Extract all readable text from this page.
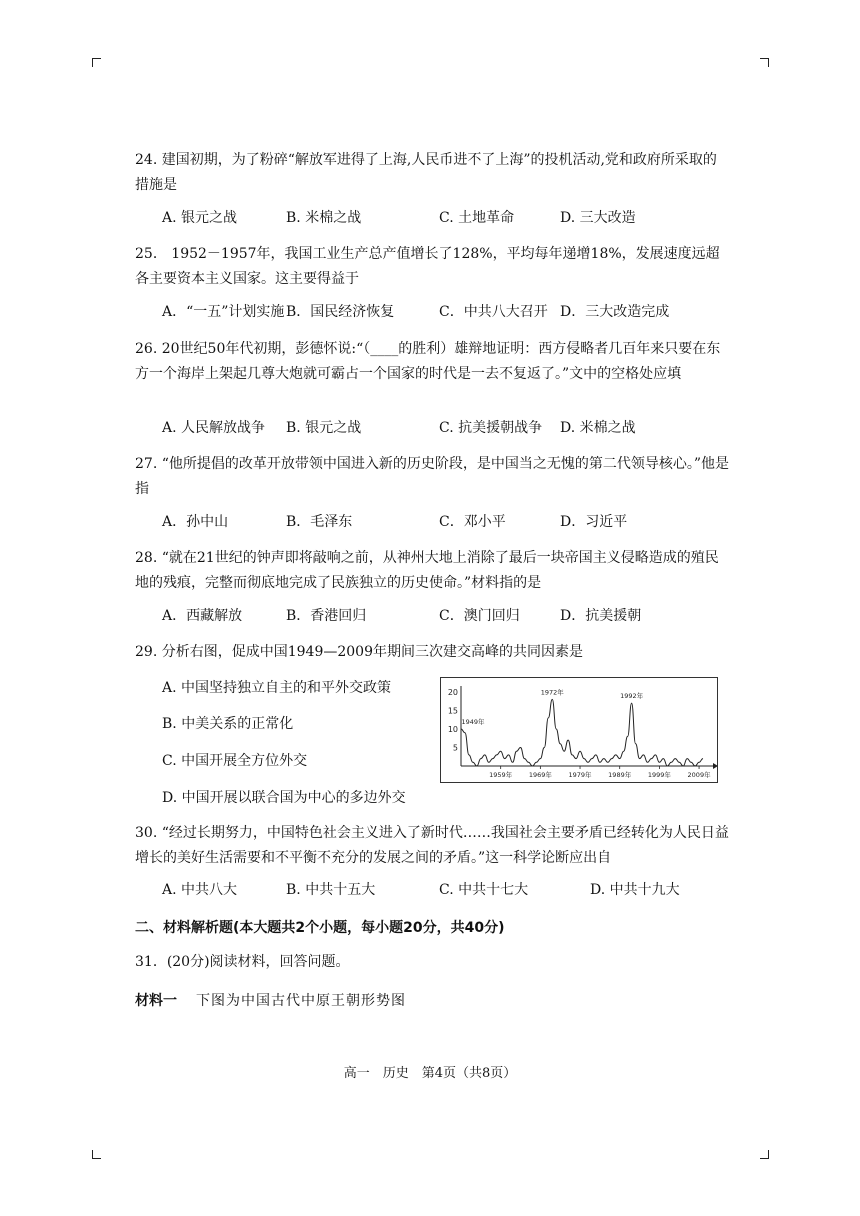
24. 建国初期，为了粉碎“解放军进得了上海,人民币进不了上海”的投机活动,党和政府所采取的措施是
A. 银元之战	B. 米棉之战	C. 土地革命	D. 三大改造
25． 1952－1957年，我国工业生产总产值增长了128%，平均每年递增18%，发展速度远超各主要资本主义国家。这主要得益于
A．“一五”计划实施 B．国民经济恢复	C．中共八大召开 D．三大改造完成
26. 20世纪50年代初期，彭德怀说:“（____的胜利）雄辩地证明：西方侵略者几百年来只要在东方一个海岸上架起几尊大炮就可霸占一个国家的时代是一去不复返了。”文中的空格处应填
A. 人民解放战争 B. 银元之战	C. 抗美援朝战争 D. 米棉之战
27. “他所提倡的改革开放带领中国进入新的历史阶段，是中国当之无愧的第二代领导核心。”他是指
A．孙中山	B．毛泽东	C．邓小平	D．习近平
28. “就在21世纪的钟声即将敲响之前，从神州大地上消除了最后一块帝国主义侵略造成的殖民地的残痕，完整而彻底地完成了民族独立的历史使命。”材料指的是
A．西藏解放	B．香港回归	C．澳门回归	D．抗美援朝
29. 分析右图，促成中国1949—2009年期间三次建交高峰的共同因素是
A. 中国坚持独立自主的和平外交政策
B. 中美关系的正常化
C. 中国开展全方位外交
D. 中国开展以联合国为中心的多边外交
20
15
10
5
1959年	1969年	1979年	1989年	1999年	2009年
1949年
1972年	1992年
30. “经过长期努力，中国特色社会主义进入了新时代……我国社会主要矛盾已经转化为人民日益增长的美好生活需要和不平衡不充分的发展之间的矛盾。”这一科学论断应出自
A. 中共八大	B. 中共十五大	C. 中共十七大	D. 中共十九大
二、材料解析题(本大题共2个小题，每小题20分，共40分)
31．(20分)阅读材料，回答问题。
材料一 下图为中国古代中原王朝形势图
高一　历史　第4页（共8页）
